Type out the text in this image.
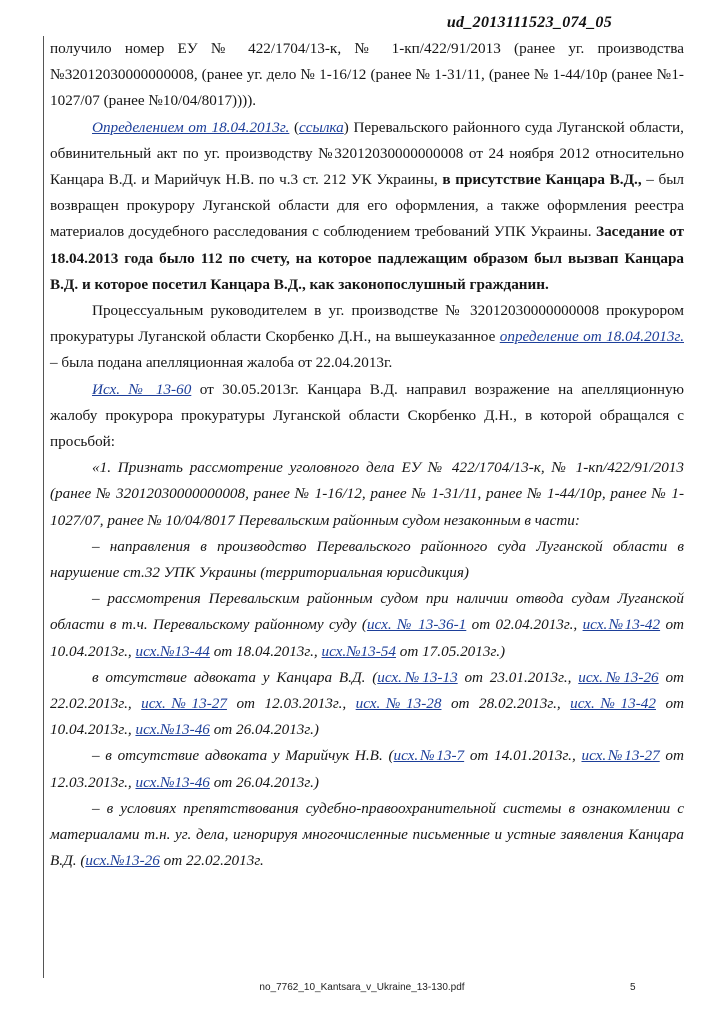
ud_2013111523_074_05

получило номер ЕУ № 422/1704/13-к, № 1-кп/422/91/2013 (ранее уг. производства №32012030000000008, (ранее уг. дело № 1-16/12 (ранее № 1-31/11, (ранее № 1-44/10р (ранее №1-1027/07 (ранее №10/04/8017)))).

Определением от 18.04.2013г. (ссылка) Перевальского районного суда Луганской области, обвинительный акт по уг. производству №32012030000000008 от 24 ноября 2012 относительно Канцара В.Д. и Марийчук Н.В. по ч.3 ст. 212 УК Украины, в присутствие Канцара В.Д., – был возвращен прокурору Луганской области для его оформления, а также оформления реестра материалов досудебного расследования с соблюдением требований УПК Украины. Заседание от 18.04.2013 года было 112 по счету, на которое падлежащим образом был вызвап Канцара В.Д. и которое посетил Канцара В.Д., как законопослушный гражданин.

Процессуальным руководителем в уг. производстве № 32012030000000008 прокурором прокуратуры Луганской области Скорбенко Д.Н., на вышеуказанное определение от 18.04.2013г. – была подана апелляционная жалоба от 22.04.2013г.

Исх. № 13-60 от 30.05.2013г. Канцара В.Д. направил возражение на апелляционную жалобу прокурора прокуратуры Луганской области Скорбенко Д.Н., в которой обращался с просьбой:

«1. Признать рассмотрение уголовного дела ЕУ № 422/1704/13-к, № 1-кп/422/91/2013 (ранее № 32012030000000008, ранее № 1-16/12, ранее № 1-31/11, ранее № 1-44/10р, ранее № 1-1027/07, ранее № 10/04/8017 Перевальским районным судом незаконным в части:

– направления в производство Перевальского районного суда Луганской области в нарушение ст.32 УПК Украины (территориальная юрисдикция)

– рассмотрения Перевальским районным судом при наличии отвода судам Луганской области в т.ч. Перевальскому районному суду (исх. № 13-36-1 от 02.04.2013г., исх.№13-42 от 10.04.2013г., исх.№13-44 от 18.04.2013г., исх.№13-54 от 17.05.2013г.)

в отсутствие адвоката у Канцара В.Д. (исх.№13-13 от 23.01.2013г., исх.№13-26 от 22.02.2013г., исх.№13-27 от 12.03.2013г., исх.№13-28 от 28.02.2013г., исх.№13-42 от 10.04.2013г., исх.№13-46 от 26.04.2013г.)

– в отсутствие адвоката у Марийчук Н.В. (исх.№13-7 от 14.01.2013г., исх.№13-27 от 12.03.2013г., исх.№13-46 от 26.04.2013г.)

– в условиях препятствования судебно-правоохранительной системы в ознакомлении с материалами т.н. уг. дела, игнорируя многочисленные письменные и устные заявления Канцара В.Д. (исх.№13-26 от 22.02.2013г.

no_7762_10_Kantsara_v_Ukraine_13-130.pdf	5
